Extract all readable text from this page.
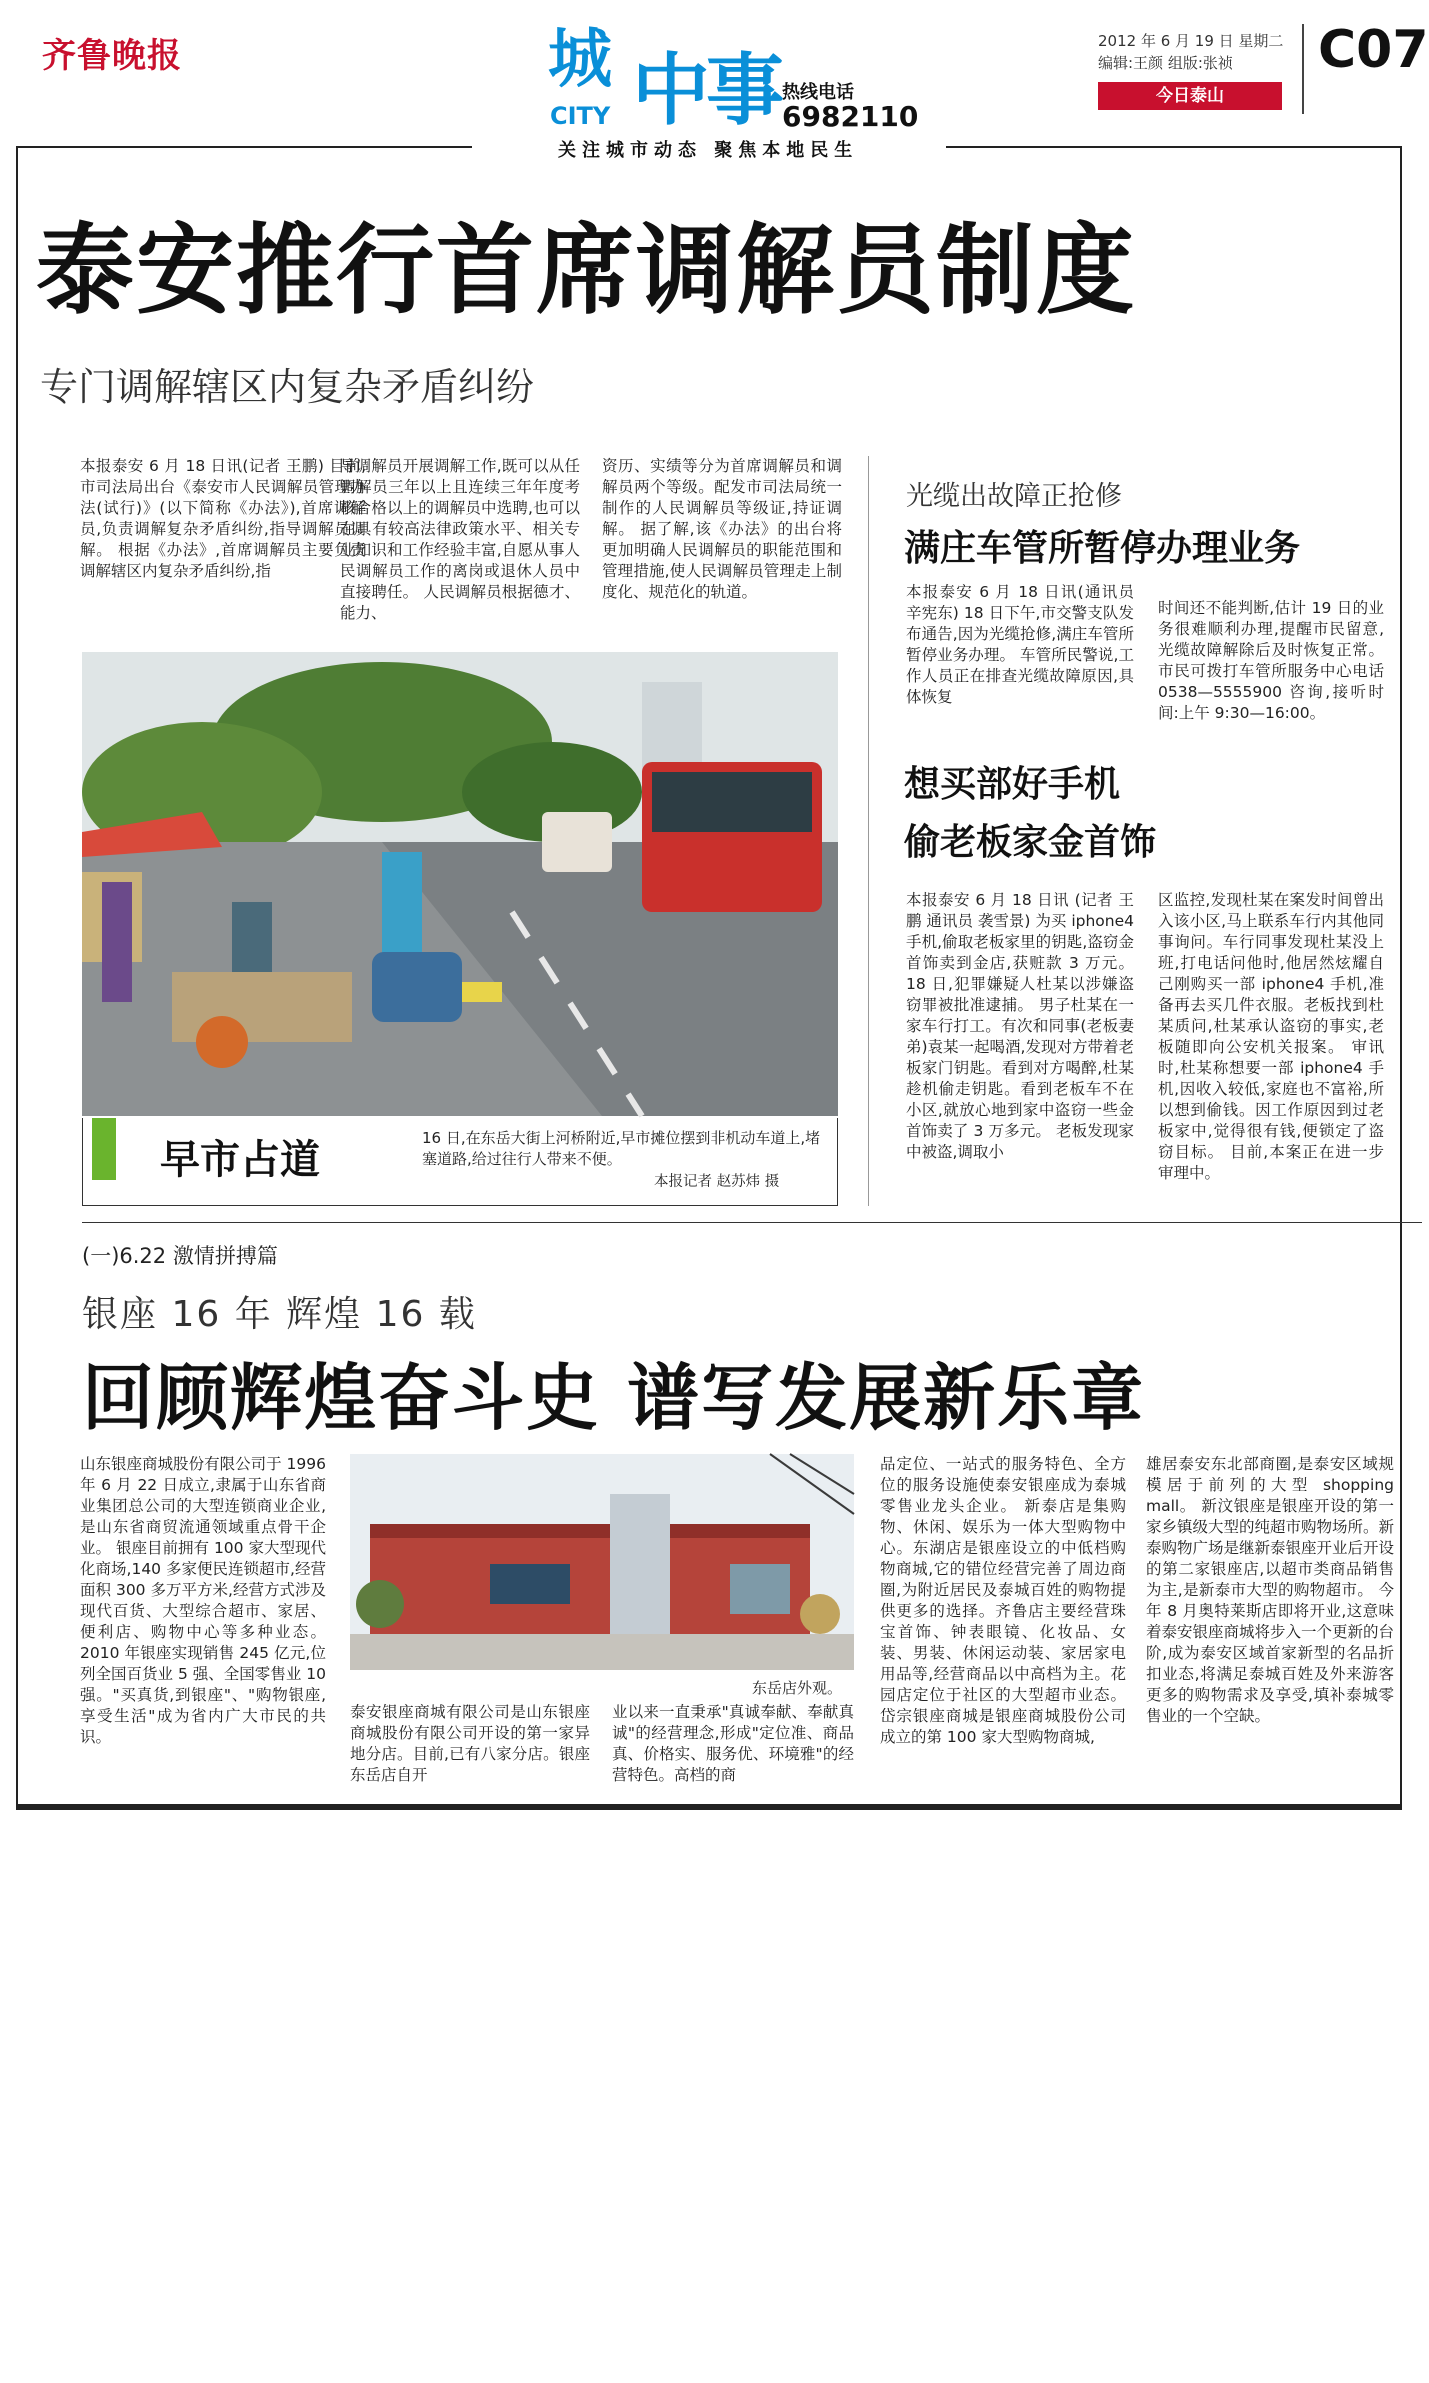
齐鲁晚报	城
CITY 中事 热线电话
6982110
关注城市动态 聚焦本地民生
2012 年 6 月 19 日 星期二
编辑:王颜 组版:张祯
今日泰山
C07
泰安推行首席调解员制度
专门调解辖区内复杂矛盾纠纷
本报泰安 6 月 18 日讯(记者 王鹏) 目前,市司法局出台《泰安市人民调解员管理办法(试行)》(以下简称《办法》),首席调解员,负责调解复杂矛盾纠纷,指导调解员调解。 根据《办法》,首席调解员主要负责调解辖区内复杂矛盾纠纷,指
导调解员开展调解工作,既可以从任调解员三年以上且连续三年年度考核合格以上的调解员中选聘,也可以在具有较高法律政策水平、相关专业知识和工作经验丰富,自愿从事人民调解员工作的离岗或退休人员中直接聘任。 人民调解员根据德才、能力、
资历、实绩等分为首席调解员和调解员两个等级。配发市司法局统一制作的人民调解员等级证,持证调解。 据了解,该《办法》的出台将更加明确人民调解员的职能范围和管理措施,使人民调解员管理走上制度化、规范化的轨道。
光缆出故障正抢修
满庄车管所暂停办理业务
本报泰安 6 月 18 日讯(通讯员 辛宪东) 18 日下午,市交警支队发布通告,因为光缆抢修,满庄车管所暂停业务办理。 车管所民警说,工作人员正在排查光缆故障原因,具体恢复
时间还不能判断,估计 19 日的业务很难顺利办理,提醒市民留意,光缆故障解除后及时恢复正常。市民可拨打车管所服务中心电话 0538—5555900 咨询,接听时间:上午 9:30—16:00。
想买部好手机
偷老板家金首饰
本报泰安 6 月 18 日讯 (记者 王鹏 通讯员 袭雪景) 为买 iphone4 手机,偷取老板家里的钥匙,盗窃金首饰卖到金店,获赃款 3 万元。18 日,犯罪嫌疑人杜某以涉嫌盗窃罪被批准逮捕。 男子杜某在一家车行打工。有次和同事(老板妻弟)袁某一起喝酒,发现对方带着老板家门钥匙。看到对方喝醉,杜某趁机偷走钥匙。看到老板车不在小区,就放心地到家中盗窃一些金首饰卖了 3 万多元。 老板发现家中被盗,调取小
区监控,发现杜某在案发时间曾出入该小区,马上联系车行内其他同事询问。车行同事发现杜某没上班,打电话问他时,他居然炫耀自己刚购买一部 iphone4 手机,准备再去买几件衣服。老板找到杜某质问,杜某承认盗窃的事实,老板随即向公安机关报案。 审讯时,杜某称想要一部 iphone4 手机,因收入较低,家庭也不富裕,所以想到偷钱。因工作原因到过老板家中,觉得很有钱,便锁定了盗窃目标。 目前,本案正在进一步审理中。
早市占道	16 日,在东岳大街上河桥附近,早市摊位摆到非机动车道上,堵塞道路,给过往行人带来不便。
本报记者 赵苏炜 摄
(一)6.22 激情拼搏篇
银座 16 年 辉煌 16 载
回顾辉煌奋斗史 谱写发展新乐章
山东银座商城股份有限公司于 1996 年 6 月 22 日成立,隶属于山东省商业集团总公司的大型连锁商业企业,是山东省商贸流通领域重点骨干企业。 银座目前拥有 100 家大型现代化商场,140 多家便民连锁超市,经营面积 300 多万平方米,经营方式涉及现代百货、大型综合超市、家居、便利店、购物中心等多种业态。2010 年银座实现销售 245 亿元,位列全国百货业 5 强、全国零售业 10 强。"买真货,到银座"、"购物银座,享受生活"成为省内广大市民的共识。
东岳店外观。
泰安银座商城有限公司是山东银座商城股份有限公司开设的第一家异地分店。目前,已有八家分店。银座东岳店自开
业以来一直秉承"真诚奉献、奉献真诚"的经营理念,形成"定位准、商品真、价格实、服务优、环境雅"的经营特色。高档的商
品定位、一站式的服务特色、全方位的服务设施使泰安银座成为泰城零售业龙头企业。 新泰店是集购物、休闲、娱乐为一体大型购物中心。东湖店是银座设立的中低档购物商城,它的错位经营完善了周边商圈,为附近居民及泰城百姓的购物提供更多的选择。齐鲁店主要经营珠宝首饰、钟表眼镜、化妆品、女装、男装、休闲运动装、家居家电用品等,经营商品以中高档为主。花园店定位于社区的大型超市业态。岱宗银座商城是银座商城股份公司成立的第 100 家大型购物商城,
雄居泰安东北部商圈,是泰安区域规模居于前列的大型 shopping mall。 新汶银座是银座开设的第一家乡镇级大型的纯超市购物场所。新泰购物广场是继新泰银座开业后开设的第二家银座店,以超市类商品销售为主,是新泰市大型的购物超市。 今年 8 月奥特莱斯店即将开业,这意味着泰安银座商城将步入一个更新的台阶,成为泰安区域首家新型的名品折扣业态,将满足泰城百姓及外来游客更多的购物需求及享受,填补泰城零售业的一个空缺。
